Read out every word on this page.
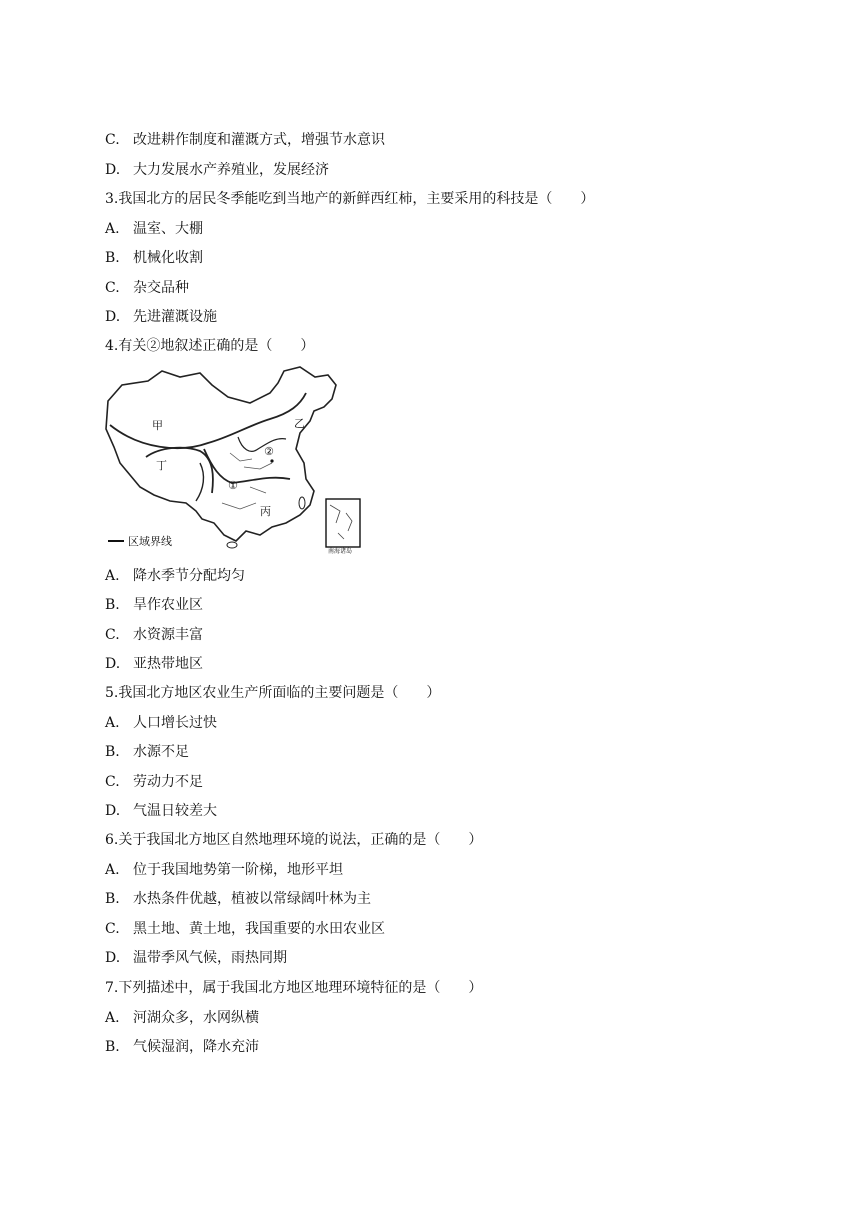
C. 改进耕作制度和灌溉方式，增强节水意识
D. 大力发展水产养殖业，发展经济
3.我国北方的居民冬季能吃到当地产的新鲜西红柿，主要采用的科技是（　　）
A. 温室、大棚
B. 机械化收割
C. 杂交品种
D. 先进灌溉设施
4.有关②地叙述正确的是（　　）
甲	乙
丁
丙
①
②
区域界线
南海诸岛
A. 降水季节分配均匀
B. 旱作农业区
C. 水资源丰富
D. 亚热带地区
5.我国北方地区农业生产所面临的主要问题是（　　）
A. 人口增长过快
B. 水源不足
C. 劳动力不足
D. 气温日较差大
6.关于我国北方地区自然地理环境的说法，正确的是（　　）
A. 位于我国地势第一阶梯，地形平坦
B. 水热条件优越，植被以常绿阔叶林为主
C. 黑土地、黄土地，我国重要的水田农业区
D. 温带季风气候，雨热同期
7.下列描述中，属于我国北方地区地理环境特征的是（　　）
A. 河湖众多，水网纵横
B. 气候湿润，降水充沛
